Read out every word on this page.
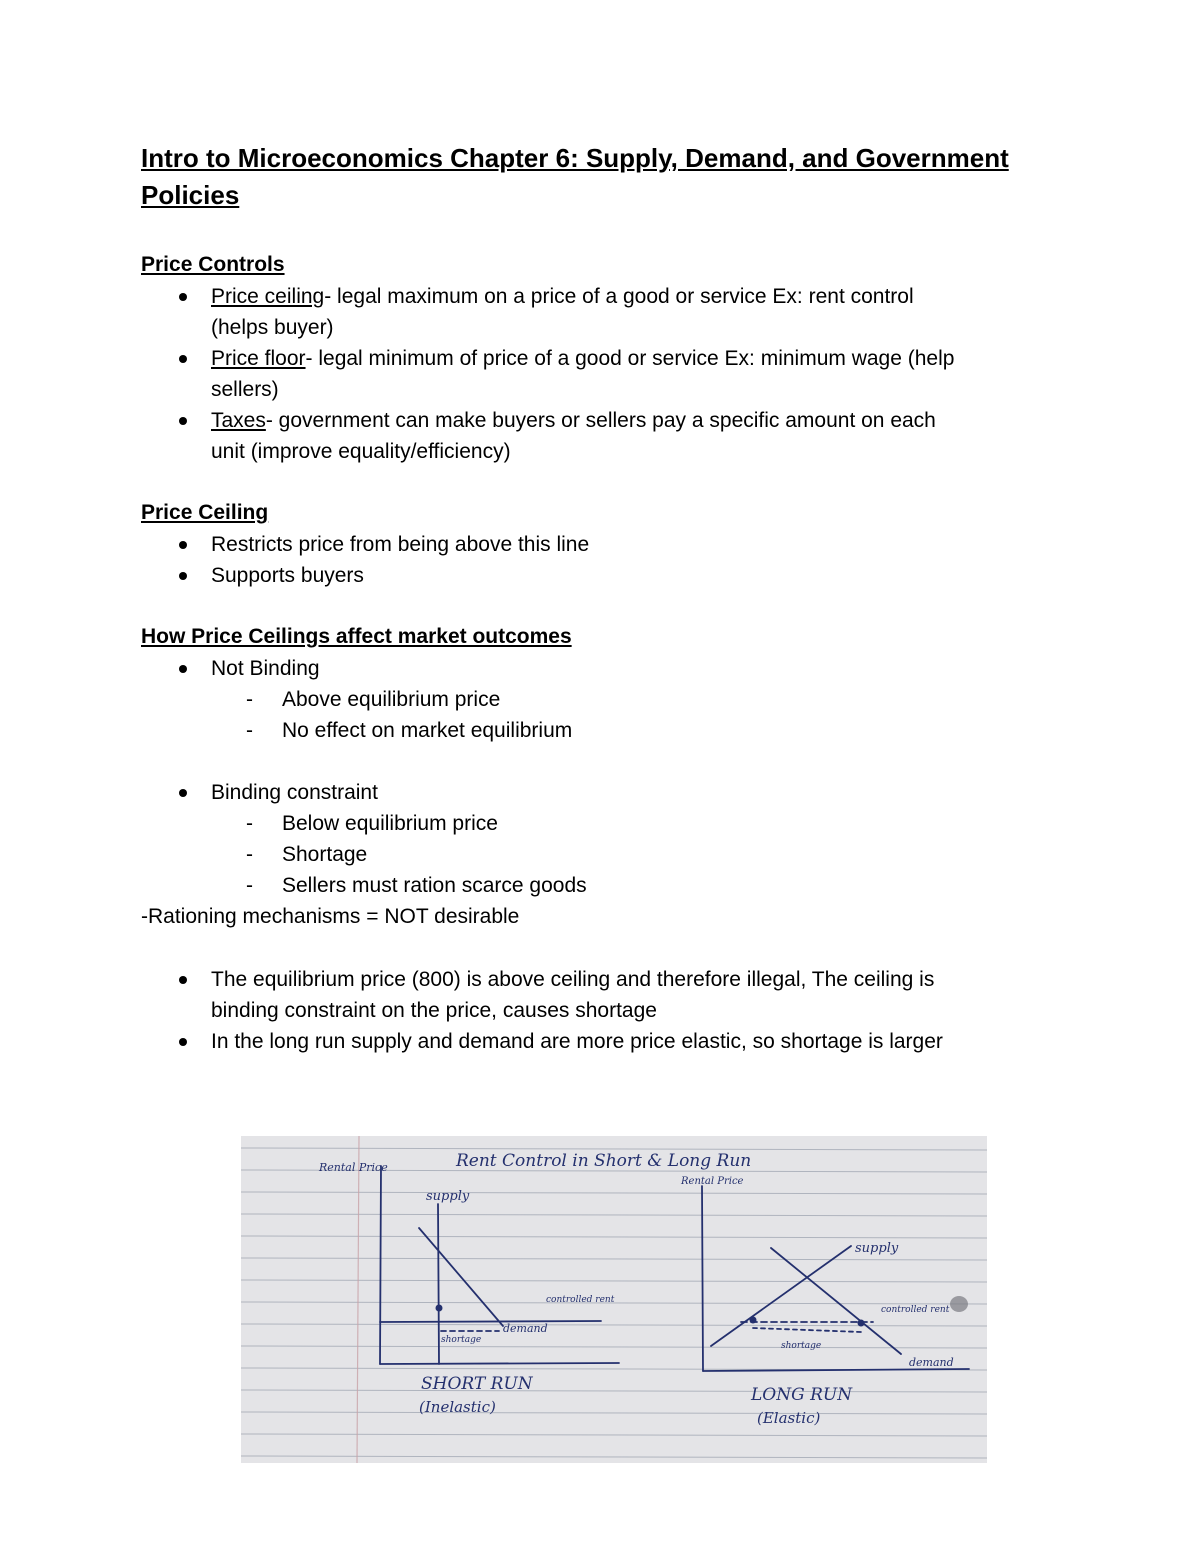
Intro to Microeconomics Chapter 6: Supply, Demand, and Government Policies
Price Controls

Price ceiling- legal maximum on a price of a good or service Ex: rent control

(helps buyer)

Price floor- legal minimum of price of a good or service Ex: minimum wage (help

sellers)

Taxes- government can make buyers or sellers pay a specific amount on each

unit (improve equality/efficiency)

Price Ceiling

Restricts price from being above this line

Supports buyers

How Price Ceilings affect market outcomes

Not Binding

- Above equilibrium price

- No effect on market equilibrium

Binding constraint

- Below equilibrium price

- Shortage

- Sellers must ration scarce goods

-Rationing mechanisms = NOT desirable

The equilibrium price (800) is above ceiling and therefore illegal, The ceiling is

binding constraint on the price, causes shortage

In the long run supply and demand are more price elastic, so shortage is larger

Rent Control in Short & Long Run
Rental Price
supply
controlled rent
shortage
demand
SHORT RUN
(Inelastic)
Rental Price
supply
controlled rent
shortage
demand
LONG RUN
(Elastic)
